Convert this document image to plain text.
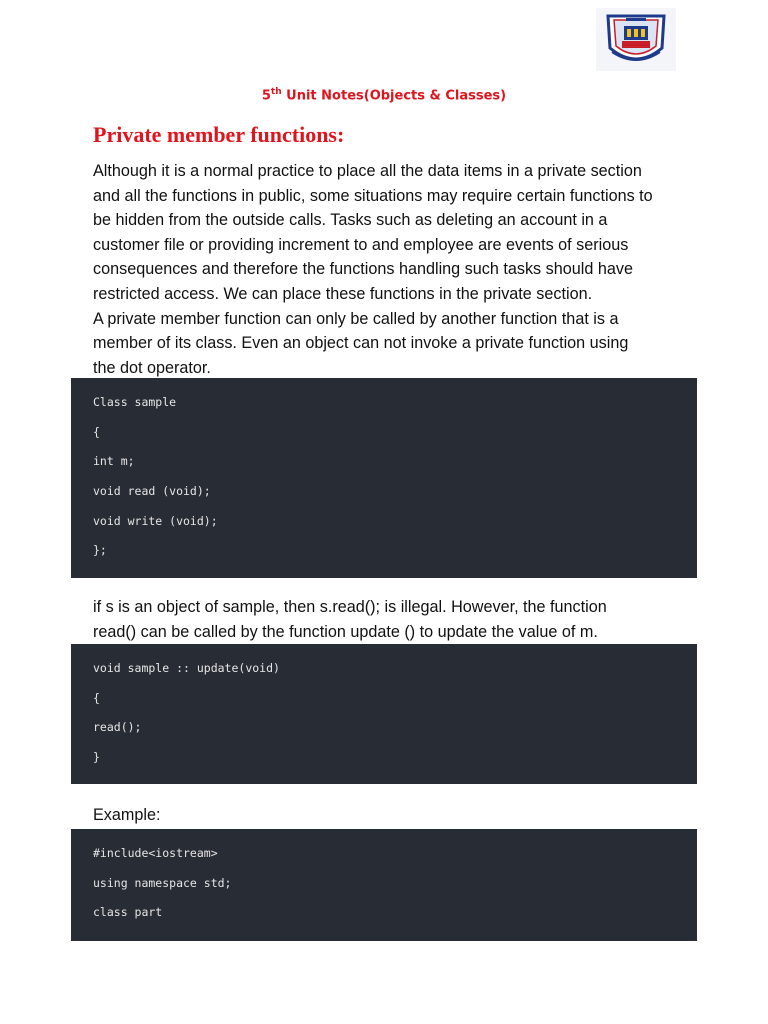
5th Unit Notes(Objects & Classes)
Private member functions:
Although it is a normal practice to place all the data items in a private section
and all the functions in public, some situations may require certain functions to
be hidden from the outside calls. Tasks such as deleting an account in a
customer file or providing increment to and employee are events of serious
consequences and therefore the functions handling such tasks should have
restricted access. We can place these functions in the private section.
A private member function can only be called by another function that is a
member of its class. Even an object can not invoke a private function using
the dot operator.
Class sample
{
int m;
void read (void);
void write (void);
};
if s is an object of sample, then s.read(); is illegal. However, the function
read() can be called by the function update () to update the value of m.
void sample :: update(void)
{
read();
}
Example:
#include<iostream>
using namespace std;
class part
